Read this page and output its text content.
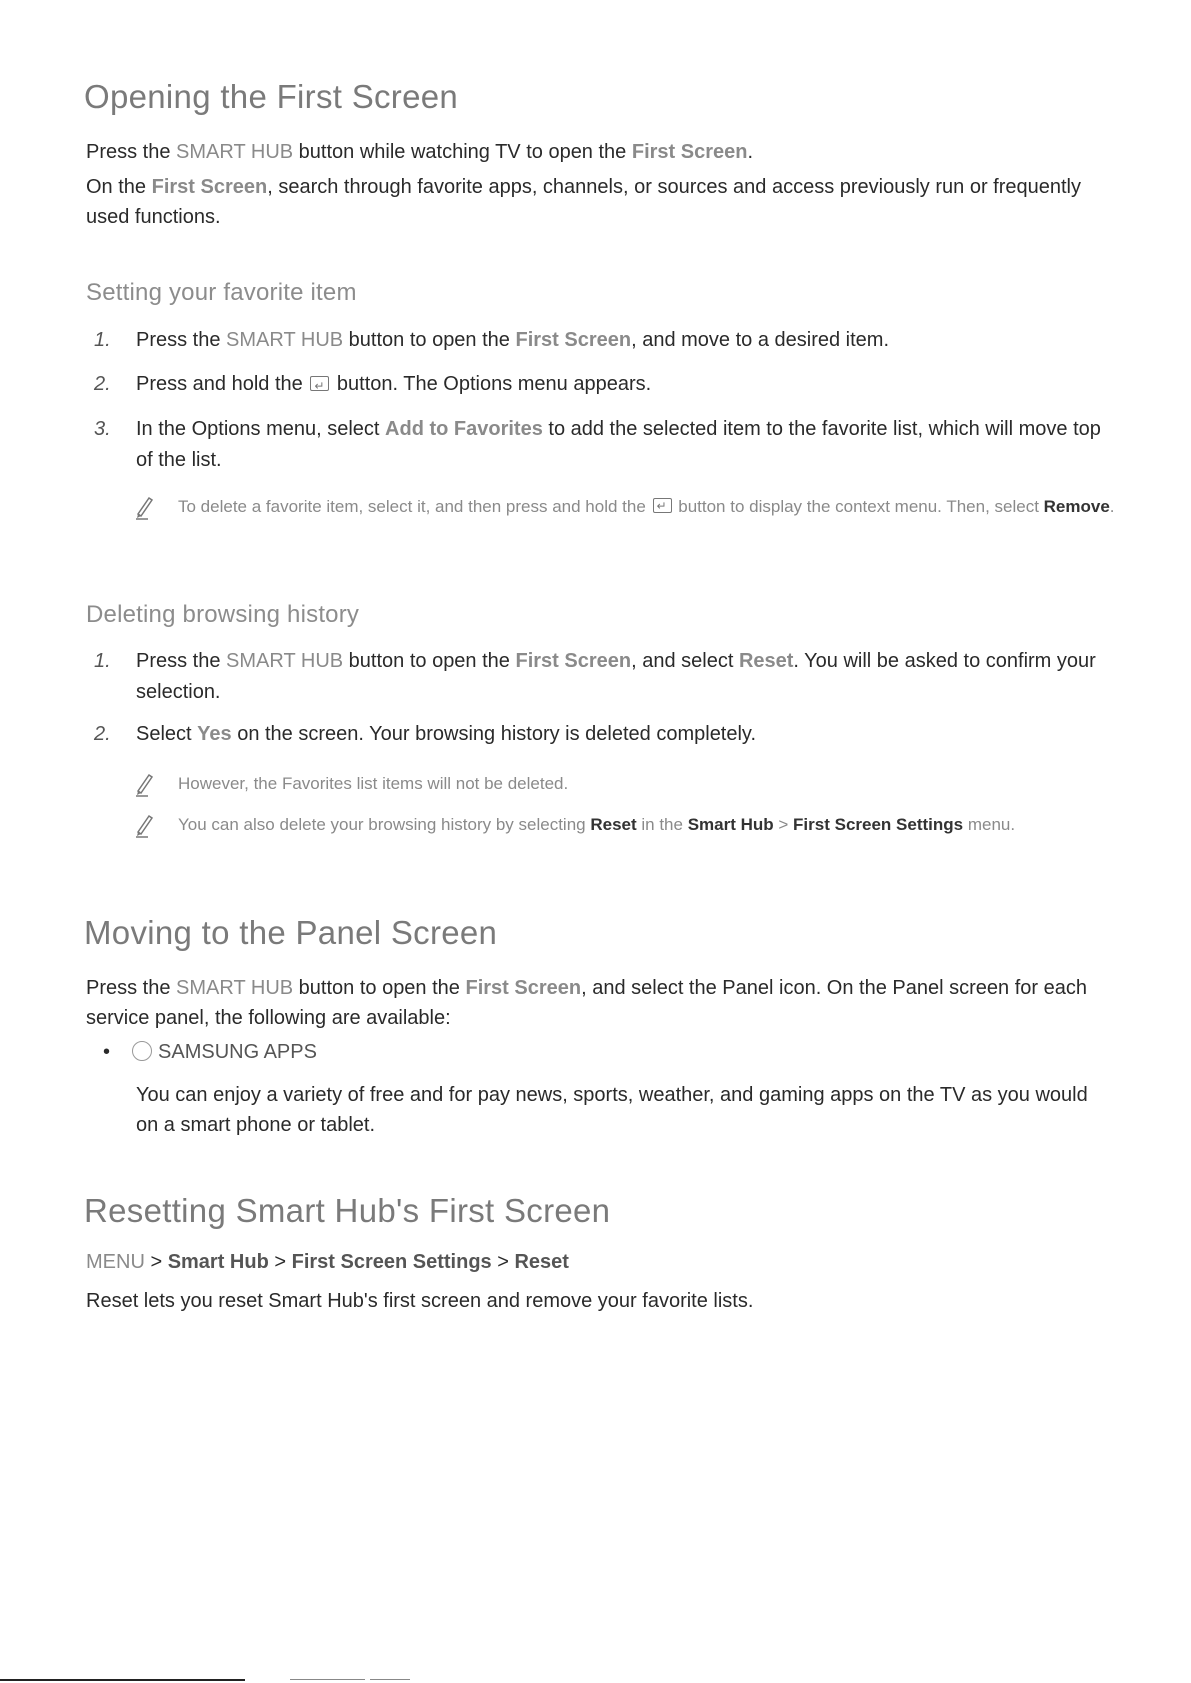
Opening the First Screen
Press the SMART HUB button while watching TV to open the First Screen.
On the First Screen, search through favorite apps, channels, or sources and access previously run or frequently used functions.
Setting your favorite item
1. Press the SMART HUB button to open the First Screen, and move to a desired item.
2. Press and hold the ↵ button. The Options menu appears.
3. In the Options menu, select Add to Favorites to add the selected item to the favorite list, which will move top of the list.
To delete a favorite item, select it, and then press and hold the ↵ button to display the context menu. Then, select Remove.
Deleting browsing history
1. Press the SMART HUB button to open the First Screen, and select Reset. You will be asked to confirm your selection.
2. Select Yes on the screen. Your browsing history is deleted completely.
However, the Favorites list items will not be deleted.
You can also delete your browsing history by selecting Reset in the Smart Hub > First Screen Settings menu.
Moving to the Panel Screen
Press the SMART HUB button to open the First Screen, and select the Panel icon. On the Panel screen for each service panel, the following are available:
• SAMSUNG APPS
You can enjoy a variety of free and for pay news, sports, weather, and gaming apps on the TV as you would on a smart phone or tablet.
Resetting Smart Hub's First Screen
MENU > Smart Hub > First Screen Settings > Reset
Reset lets you reset Smart Hub's first screen and remove your favorite lists.
